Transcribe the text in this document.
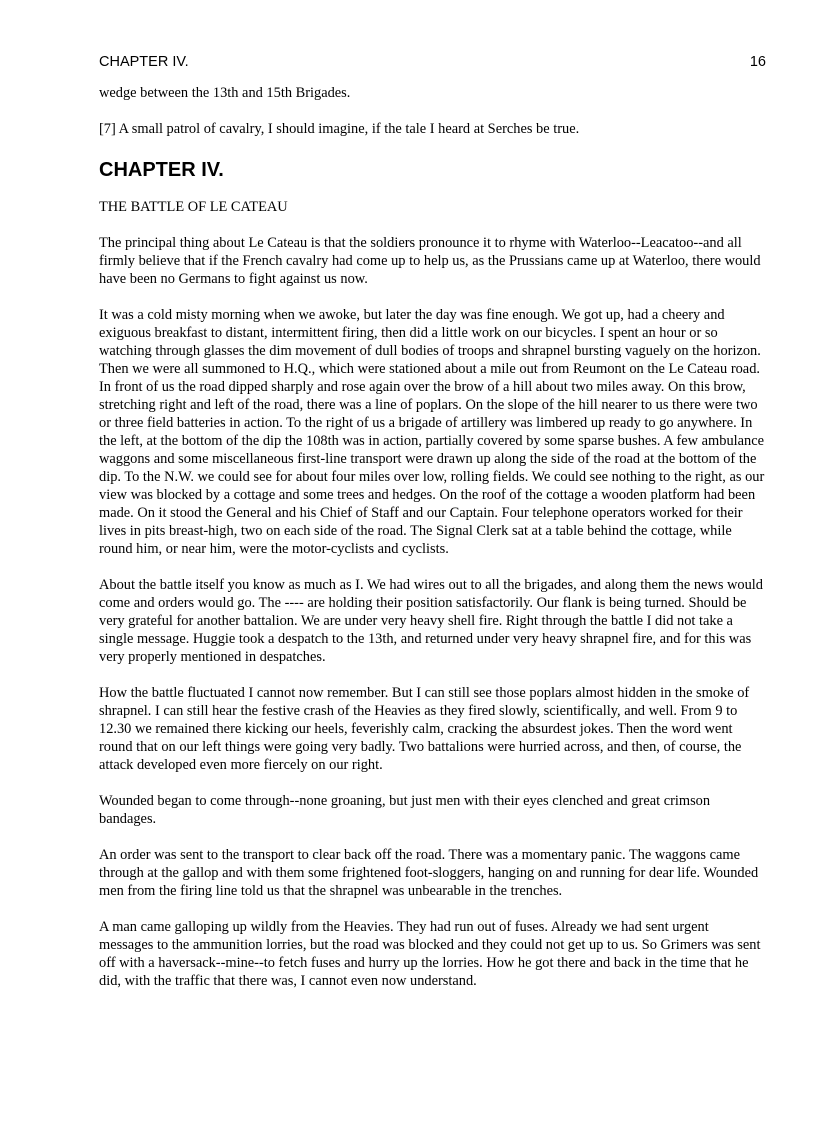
CHAPTER IV.	16

wedge between the 13th and 15th Brigades.

[7] A small patrol of cavalry, I should imagine, if the tale I heard at Serches be true.

CHAPTER IV.

THE BATTLE OF LE CATEAU

The principal thing about Le Cateau is that the soldiers pronounce it to rhyme with Waterloo--Leacatoo--and all firmly believe that if the French cavalry had come up to help us, as the Prussians came up at Waterloo, there would have been no Germans to fight against us now.

It was a cold misty morning when we awoke, but later the day was fine enough. We got up, had a cheery and exiguous breakfast to distant, intermittent firing, then did a little work on our bicycles. I spent an hour or so watching through glasses the dim movement of dull bodies of troops and shrapnel bursting vaguely on the horizon. Then we were all summoned to H.Q., which were stationed about a mile out from Reumont on the Le Cateau road. In front of us the road dipped sharply and rose again over the brow of a hill about two miles away. On this brow, stretching right and left of the road, there was a line of poplars. On the slope of the hill nearer to us there were two or three field batteries in action. To the right of us a brigade of artillery was limbered up ready to go anywhere. In the left, at the bottom of the dip the 108th was in action, partially covered by some sparse bushes. A few ambulance waggons and some miscellaneous first-line transport were drawn up along the side of the road at the bottom of the dip. To the N.W. we could see for about four miles over low, rolling fields. We could see nothing to the right, as our view was blocked by a cottage and some trees and hedges. On the roof of the cottage a wooden platform had been made. On it stood the General and his Chief of Staff and our Captain. Four telephone operators worked for their lives in pits breast-high, two on each side of the road. The Signal Clerk sat at a table behind the cottage, while round him, or near him, were the motor-cyclists and cyclists.

About the battle itself you know as much as I. We had wires out to all the brigades, and along them the news would come and orders would go. The ---- are holding their position satisfactorily. Our flank is being turned. Should be very grateful for another battalion. We are under very heavy shell fire. Right through the battle I did not take a single message. Huggie took a despatch to the 13th, and returned under very heavy shrapnel fire, and for this was very properly mentioned in despatches.

How the battle fluctuated I cannot now remember. But I can still see those poplars almost hidden in the smoke of shrapnel. I can still hear the festive crash of the Heavies as they fired slowly, scientifically, and well. From 9 to 12.30 we remained there kicking our heels, feverishly calm, cracking the absurdest jokes. Then the word went round that on our left things were going very badly. Two battalions were hurried across, and then, of course, the attack developed even more fiercely on our right.

Wounded began to come through--none groaning, but just men with their eyes clenched and great crimson bandages.

An order was sent to the transport to clear back off the road. There was a momentary panic. The waggons came through at the gallop and with them some frightened foot-sloggers, hanging on and running for dear life. Wounded men from the firing line told us that the shrapnel was unbearable in the trenches.

A man came galloping up wildly from the Heavies. They had run out of fuses. Already we had sent urgent messages to the ammunition lorries, but the road was blocked and they could not get up to us. So Grimers was sent off with a haversack--mine--to fetch fuses and hurry up the lorries. How he got there and back in the time that he did, with the traffic that there was, I cannot even now understand.
